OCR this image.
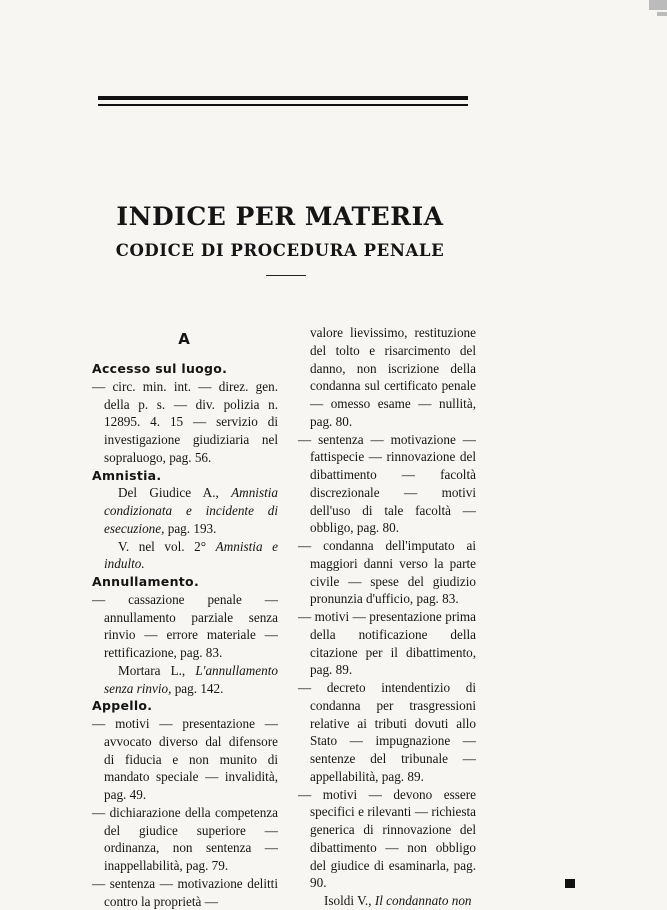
INDICE PER MATERIA
CODICE DI PROCEDURA PENALE
A

Accesso sul luogo.

— circ. min. int. — direz. gen. della p. s. — div. polizia n. 12895. 4. 15 — servizio di investigazione giudiziaria nel sopraluogo, pag. 56.

Amnistia.

Del Giudice A., Amnistia condizionata e incidente di esecuzione, pag. 193.

V. nel vol. 2° Amnistia e indulto.

Annullamento.

— cassazione penale — annullamento parziale senza rinvio — errore materiale — rettificazione, pag. 83.

Mortara L., L'annullamento senza rinvio, pag. 142.

Appello.

— motivi — presentazione — avvocato diverso dal difensore di fiducia e non munito di mandato speciale — invalidità, pag. 49.

— dichiarazione della competenza del giudice superiore — ordinanza, non sentenza — inappellabilità, pag. 79.

— sentenza — motivazione delitti contro la proprietà —

valore lievissimo, restituzione del tolto e risarcimento del danno, non iscrizione della condanna sul certificato penale — omesso esame — nullità, pag. 80.

— sentenza — motivazione — fattispecie — rinnovazione del dibattimento — facoltà discrezionale — motivi dell'uso di tale facoltà — obbligo, pag. 80.

— condanna dell'imputato ai maggiori danni verso la parte civile — spese del giudizio pronunzia d'ufficio, pag. 83.

— motivi — presentazione prima della notificazione della citazione per il dibattimento, pag. 89.

— decreto intendentizio di condanna per trasgressioni relative ai tributi dovuti allo Stato — impugnazione — sentenze del tribunale — appellabilità, pag. 89.

— motivi — devono essere specifici e rilevanti — richiesta generica di rinnovazione del dibattimento — non obbligo del giudice di esaminarla, pag. 90.

Isoldi V., Il condannato non
